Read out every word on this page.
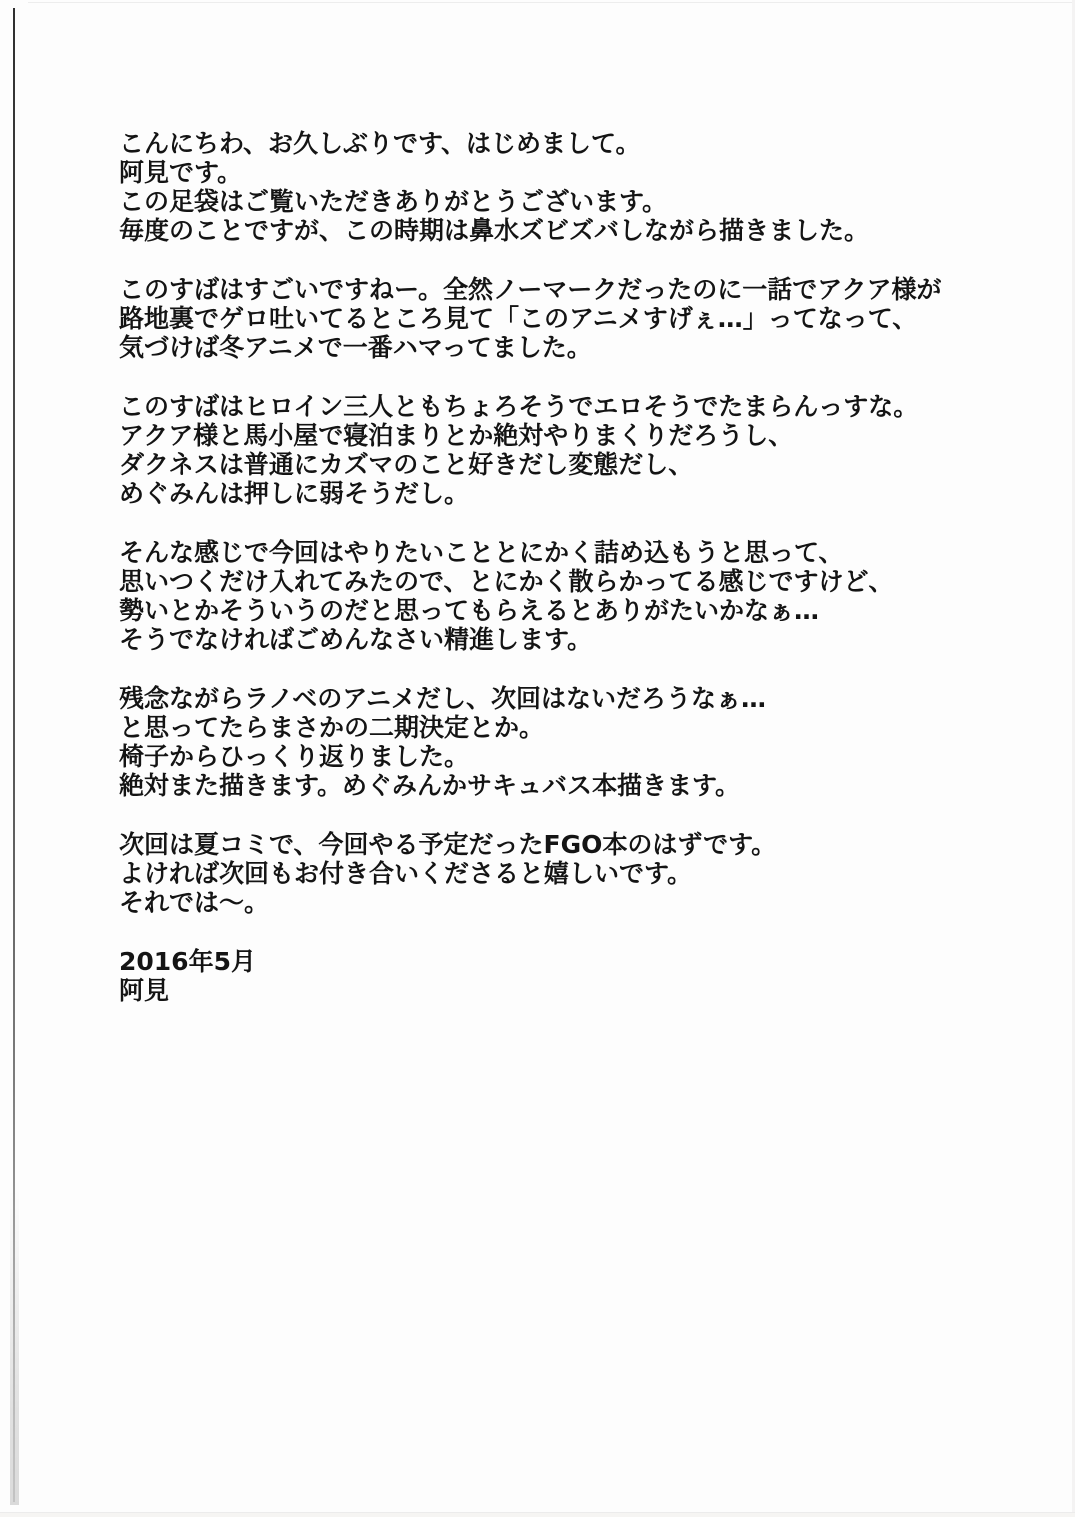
こんにちわ、お久しぶりです、はじめまして。
阿見です。
この足袋はご覧いただきありがとうございます。
毎度のことですが、この時期は鼻水ズビズバしながら描きました。

このすばはすごいですねー。全然ノーマークだったのに一話でアクア様が
路地裏でゲロ吐いてるところ見て「このアニメすげぇ…」ってなって、
気づけば冬アニメで一番ハマってました。

このすばはヒロイン三人ともちょろそうでエロそうでたまらんっすな。
アクア様と馬小屋で寝泊まりとか絶対やりまくりだろうし、
ダクネスは普通にカズマのこと好きだし変態だし、
めぐみんは押しに弱そうだし。

そんな感じで今回はやりたいこととにかく詰め込もうと思って、
思いつくだけ入れてみたので、とにかく散らかってる感じですけど、
勢いとかそういうのだと思ってもらえるとありがたいかなぁ…
そうでなければごめんなさい精進します。

残念ながらラノベのアニメだし、次回はないだろうなぁ…
と思ってたらまさかの二期決定とか。
椅子からひっくり返りました。
絶対また描きます。めぐみんかサキュバス本描きます。

次回は夏コミで、今回やる予定だったFGO本のはずです。
よければ次回もお付き合いくださると嬉しいです。
それでは～。

2016年5月
阿見
